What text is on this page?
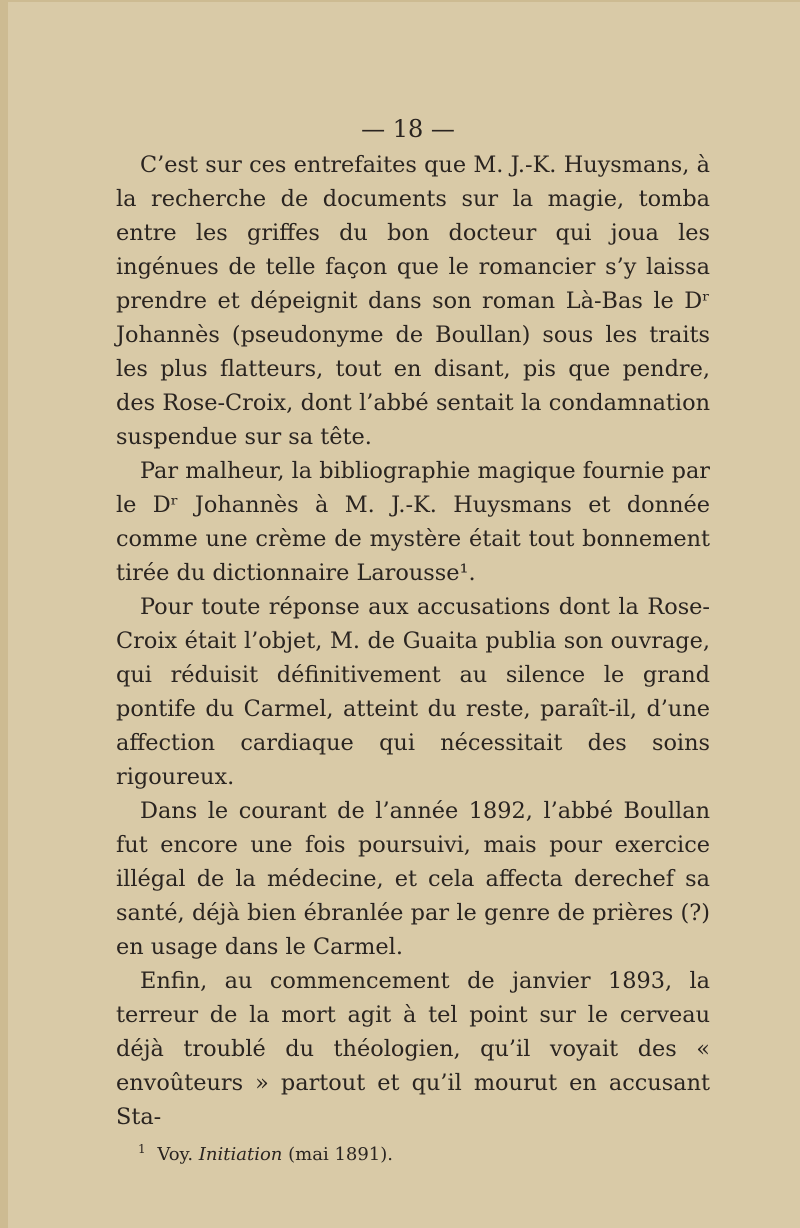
— 18 —

C’est sur ces entrefaites que M. J.-K. Huysmans, à la recherche de documents sur la magie, tomba entre les griffes du bon docteur qui joua les ingénues de telle façon que le romancier s’y laissa prendre et dépeignit dans son roman Là-Bas le Dʳ Johannès (pseudonyme de Boullan) sous les traits les plus flatteurs, tout en disant, pis que pendre, des Rose-Croix, dont l’abbé sentait la condamnation suspendue sur sa tête.

Par malheur, la bibliographie magique fournie par le Dʳ Johannès à M. J.-K. Huysmans et donnée comme une crème de mystère était tout bonnement tirée du dictionnaire Larousse¹.

Pour toute réponse aux accusations dont la Rose-Croix était l’objet, M. de Guaita publia son ouvrage, qui réduisit définitivement au silence le grand pontife du Carmel, atteint du reste, paraît-il, d’une affection cardiaque qui nécessitait des soins rigoureux.

Dans le courant de l’année 1892, l’abbé Boullan fut encore une fois poursuivi, mais pour exercice illégal de la médecine, et cela affecta derechef sa santé, déjà bien ébranlée par le genre de prières (?) en usage dans le Carmel.

Enfin, au commencement de janvier 1893, la terreur de la mort agit à tel point sur le cerveau déjà troublé du théologien, qu’il voyait des « envoûteurs » partout et qu’il mourut en accusant Sta-

$^1$ Voy. Initiation (mai 1891).
